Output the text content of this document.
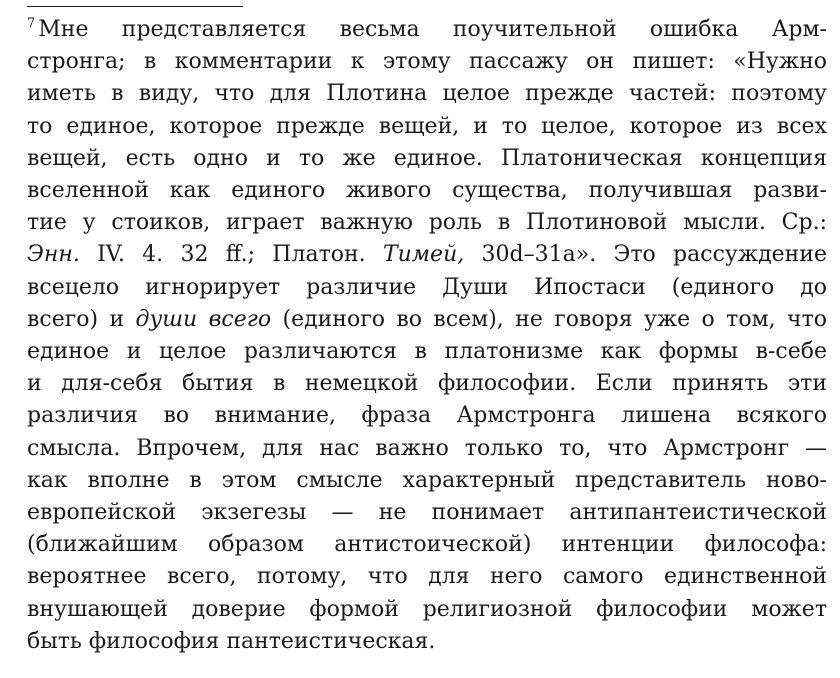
$^7$ Мне представляется весьма поучительной ошибка Арм-
стронга; в комментарии к этому пассажу он пишет: «Нужно
иметь в виду, что для Плотина целое прежде частей: поэтому
то единое, которое прежде вещей, и то целое, которое из всех
вещей, есть одно и то же единое. Платоническая концепция
вселенной как единого живого существа, получившая разви-
тие у стоиков, играет важную роль в Плотиновой мысли. Ср.:
Энн. IV. 4. 32 ff.; Платон. Тимей, 30d–31a». Это рассуждение
всецело игнорирует различие Души Ипостаси (единого до
всего) и души всего (единого во всем), не говоря уже о том, что
единое и целое различаются в платонизме как формы в-себе
и для-себя бытия в немецкой философии. Если принять эти
различия во внимание, фраза Армстронга лишена всякого
смысла. Впрочем, для нас важно только то, что Армстронг —
как вполне в этом смысле характерный представитель ново-
европейской экзегезы — не понимает антипантеистической
(ближайшим образом антистоической) интенции философа:
вероятнее всего, потому, что для него самого единственной
внушающей доверие формой религиозной философии может
быть философия пантеистическая.
